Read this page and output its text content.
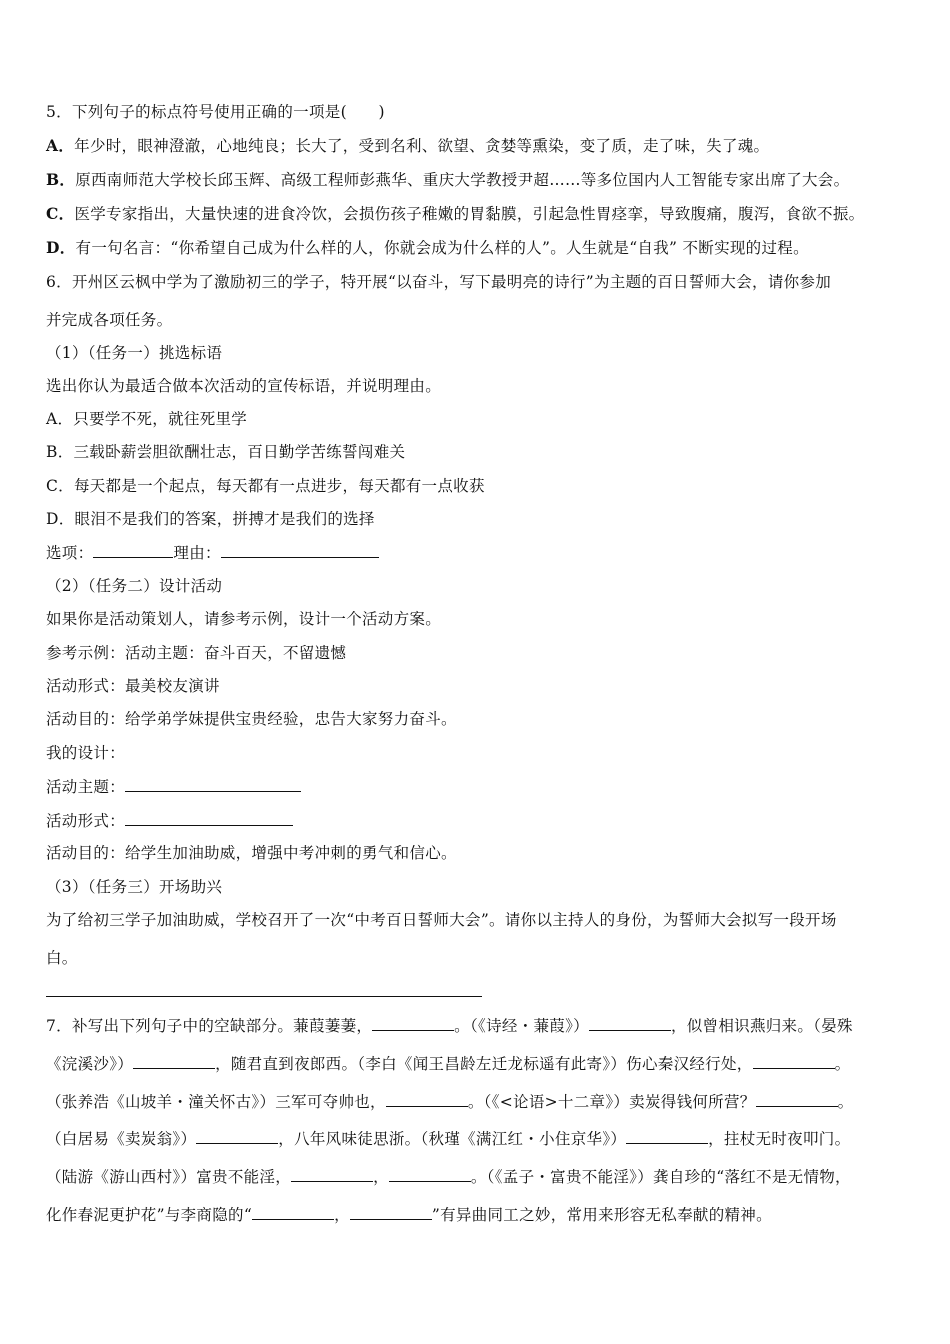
5．下列句子的标点符号使用正确的一项是(　　)
A．年少时，眼神澄澈，心地纯良；长大了，受到名利、欲望、贪婪等熏染，变了质，走了味，失了魂。
B．原西南师范大学校长邱玉辉、高级工程师彭燕华、重庆大学教授尹超……等多位国内人工智能专家出席了大会。
C．医学专家指出，大量快速的进食冷饮，会损伤孩子稚嫩的胃黏膜，引起急性胃痉挛，导致腹痛，腹泻，食欲不振。
D．有一句名言：“你希望自己成为什么样的人，你就会成为什么样的人”。人生就是“自我” 不断实现的过程。
6．开州区云枫中学为了激励初三的学子，特开展“以奋斗，写下最明亮的诗行”为主题的百日誓师大会，请你参加
并完成各项任务。
（1）（任务一）挑选标语
选出你认为最适合做本次活动的宣传标语，并说明理由。
A．只要学不死，就往死里学
B．三载卧薪尝胆欲酬壮志，百日勤学苦练誓闯难关
C．每天都是一个起点，每天都有一点进步，每天都有一点收获
D．眼泪不是我们的答案，拼搏才是我们的选择
选项：	理由：
（2）（任务二）设计活动
如果你是活动策划人，请参考示例，设计一个活动方案。
参考示例：活动主题：奋斗百天，不留遗憾
活动形式：最美校友演讲
活动目的：给学弟学妹提供宝贵经验，忠告大家努力奋斗。
我的设计：
活动主题：
活动形式：
活动目的：给学生加油助威，增强中考冲刺的勇气和信心。
（3）（任务三）开场助兴
为了给初三学子加油助威，学校召开了一次“中考百日誓师大会”。请你以主持人的身份，为誓师大会拟写一段开场
白。
7．补写出下列句子中的空缺部分。蒹葭萋萋，	。（《诗经・蒹葭》）	，似曾相识燕归来。（晏殊
《浣溪沙》）	，随君直到夜郎西。（李白《闻王昌龄左迁龙标遥有此寄》）伤心秦汉经行处，	。
（张养浩《山坡羊・潼关怀古》）三军可夺帅也，	。（《<论语>十二章》）卖炭得钱何所营？	。
（白居易《卖炭翁》）	，八年风味徒思浙。（秋瑾《满江红・小住京华》）	，拄杖无时夜叩门。
（陆游《游山西村》）富贵不能淫，	，	。（《孟子・富贵不能淫》）龚自珍的“落红不是无情物，
化作春泥更护花”与李商隐的“	，	”有异曲同工之妙，常用来形容无私奉献的精神。
